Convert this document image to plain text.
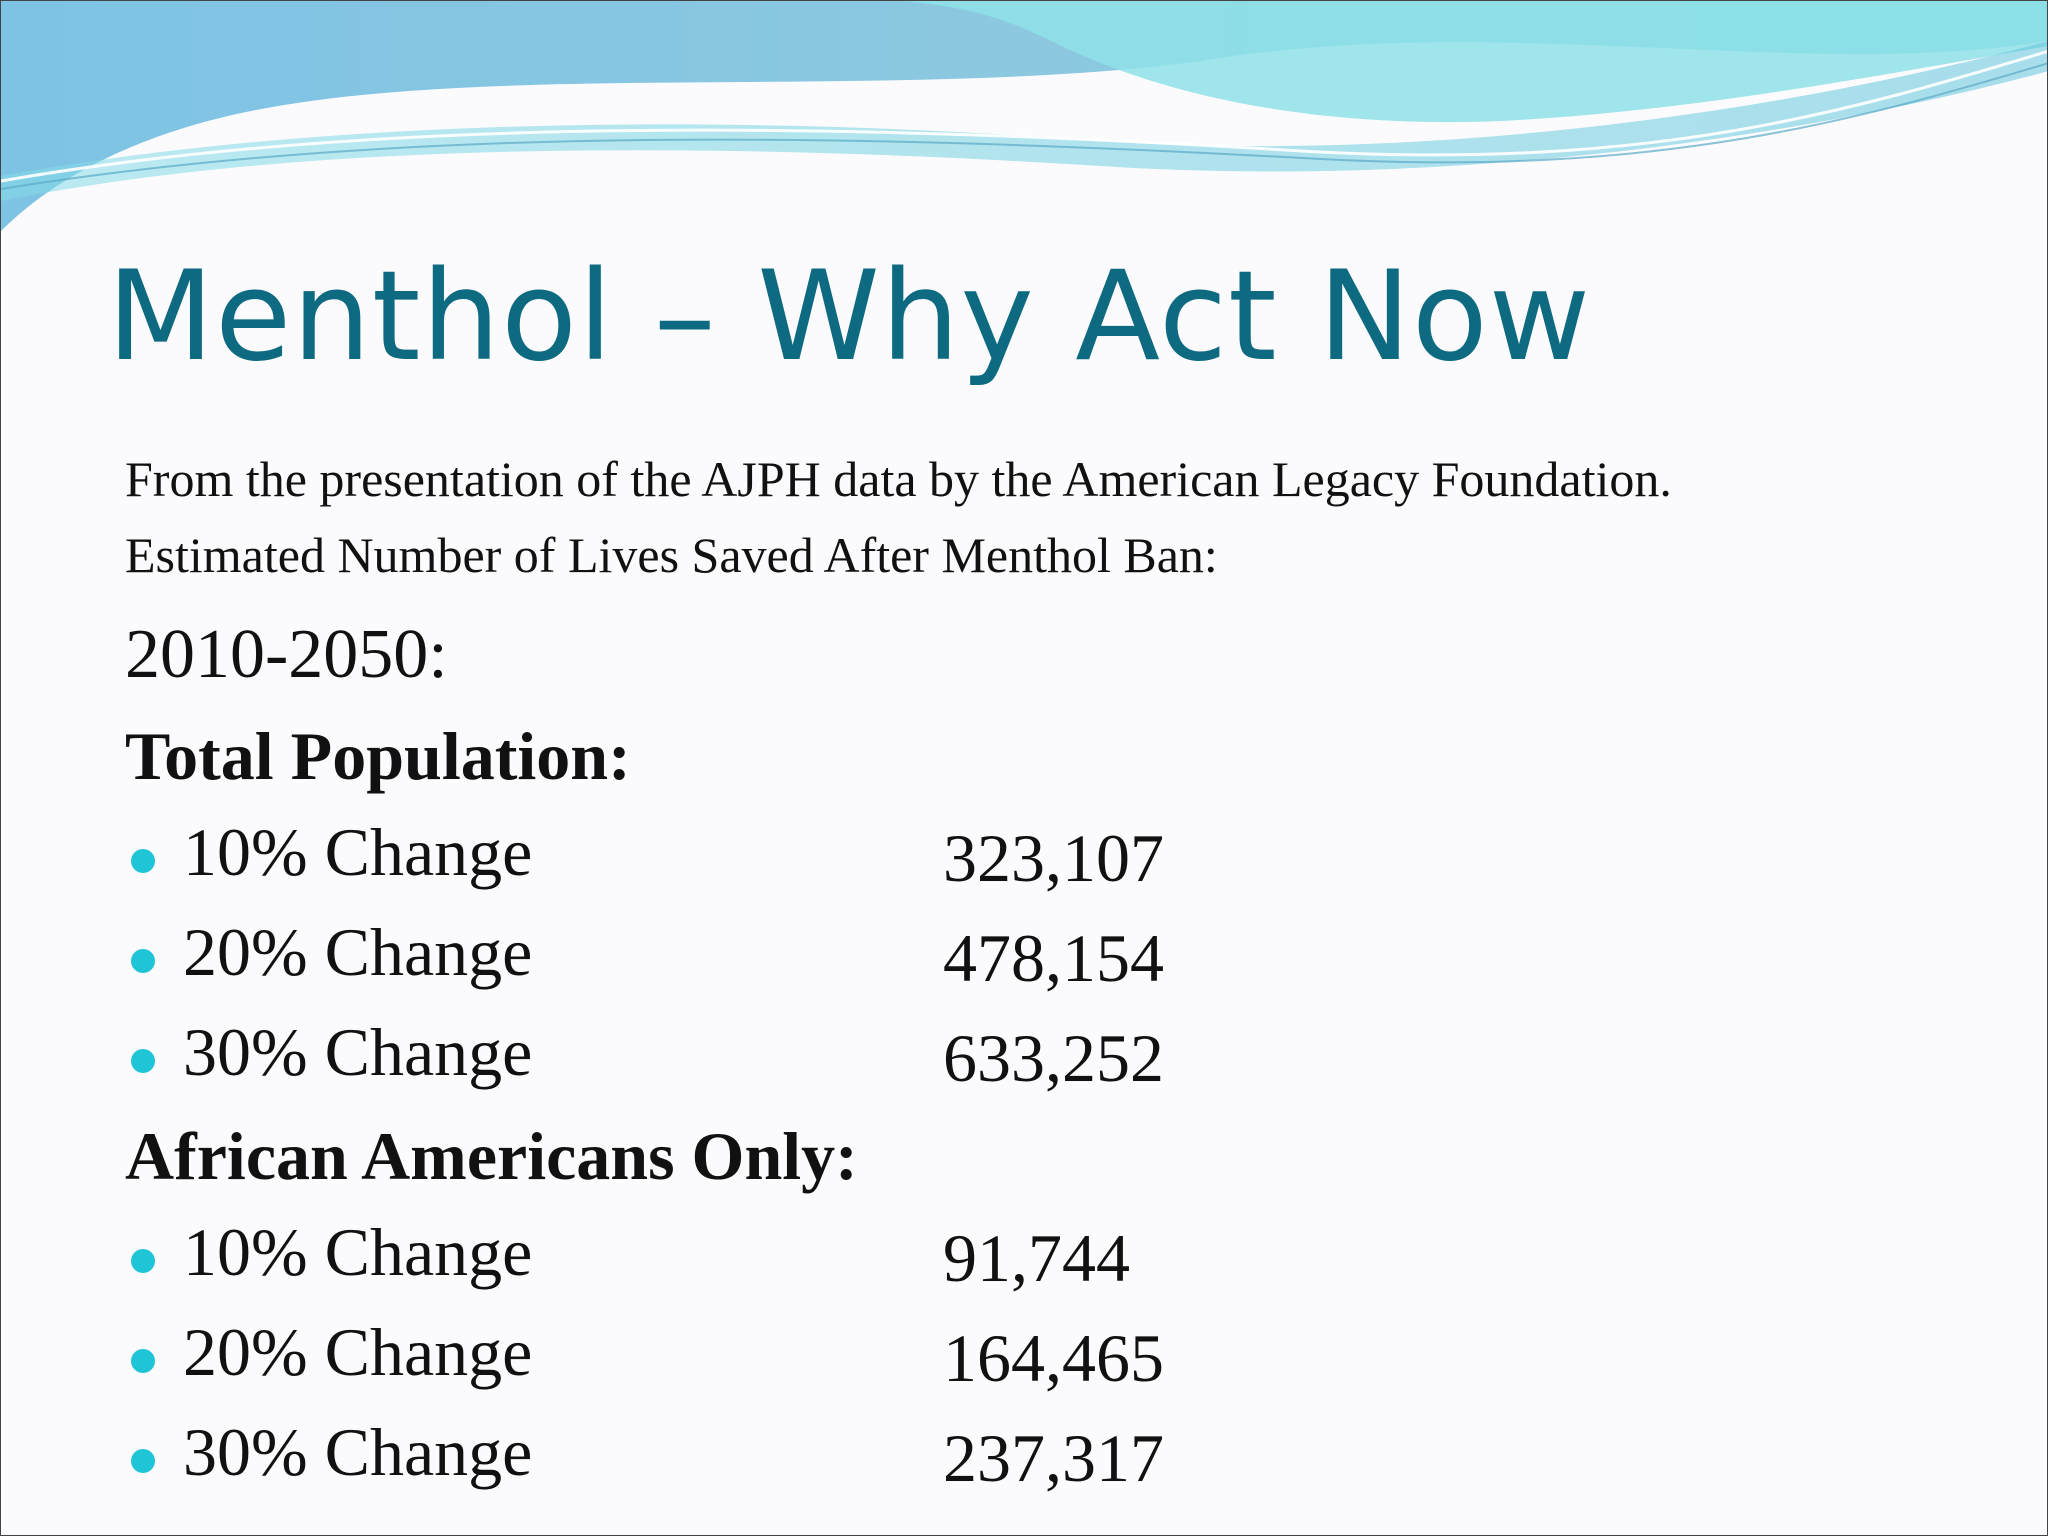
Menthol – Why Act Now
From the presentation of the AJPH data by the American Legacy Foundation.
Estimated Number of Lives Saved After Menthol Ban:
2010-2050:
Total Population:
10% Change	323,107
20% Change	478,154
30% Change	633,252
African Americans Only:
10% Change	91,744
20% Change	164,465
30% Change	237,317
